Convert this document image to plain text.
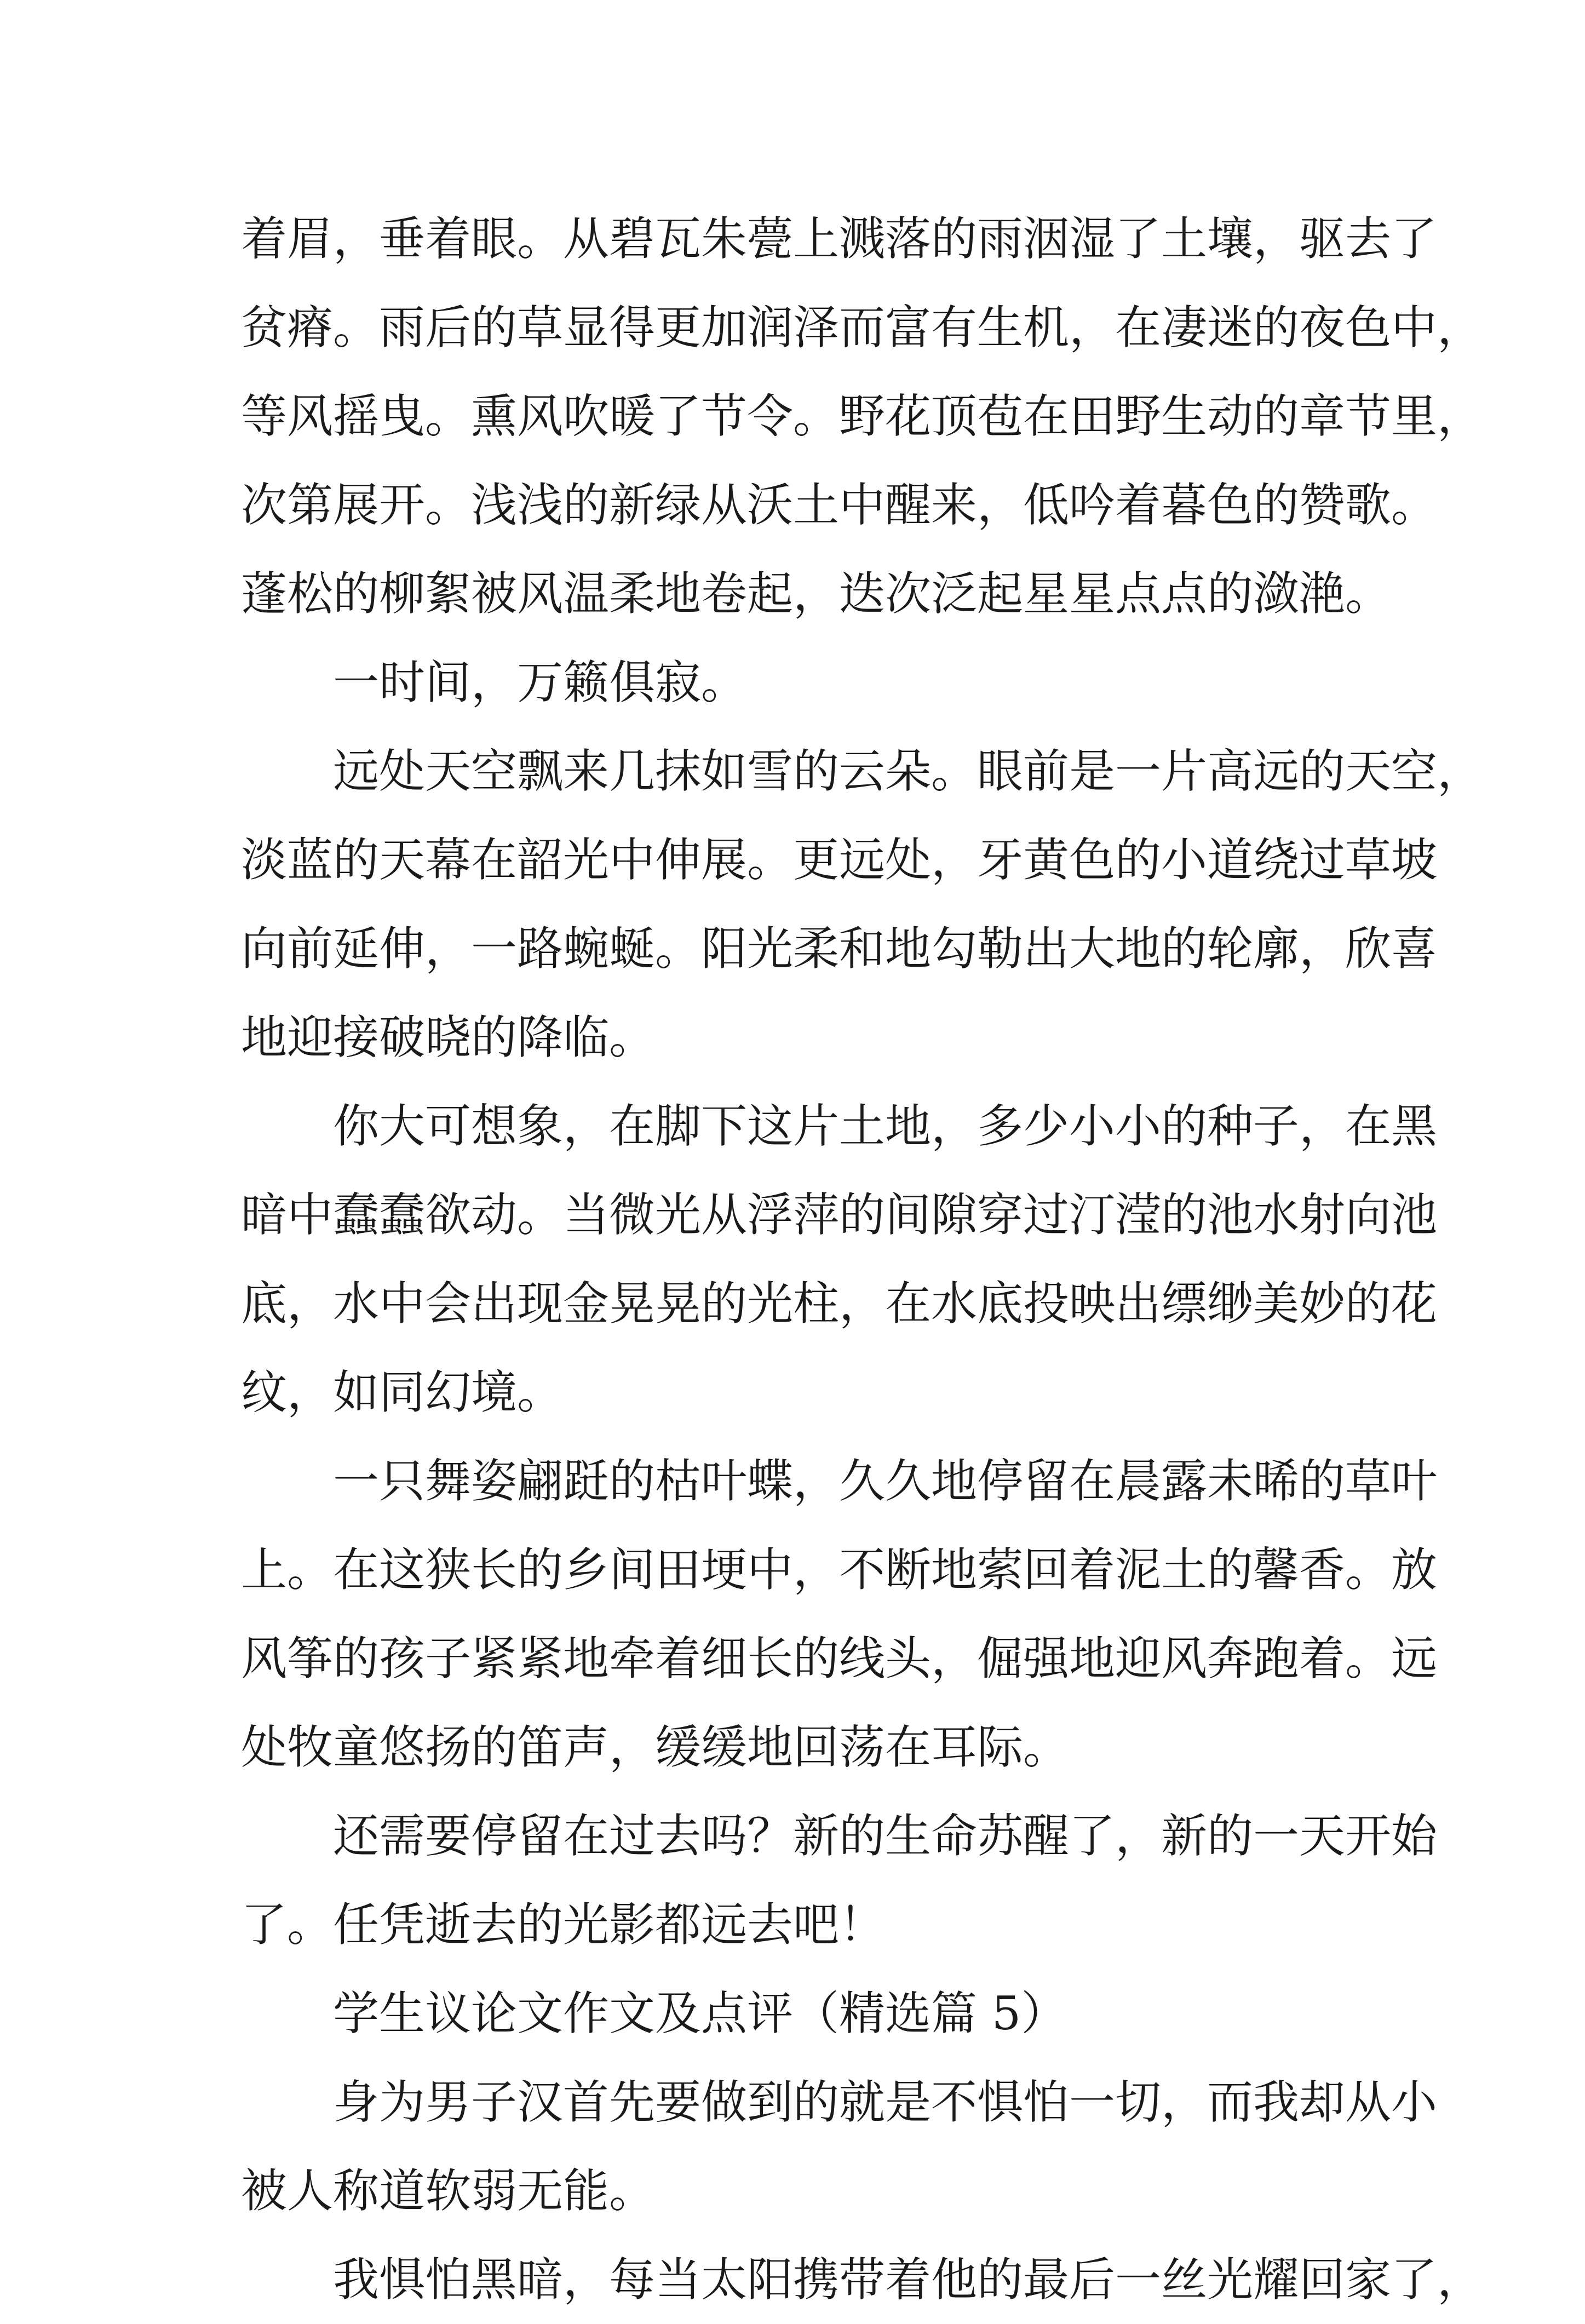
着眉，垂着眼。从碧瓦朱甍上溅落的雨洇湿了土壤，驱去了
贫瘠。雨后的草显得更加润泽而富有生机，在凄迷的夜色中，
等风摇曳。熏风吹暖了节令。野花顶苞在田野生动的章节里，
次第展开。浅浅的新绿从沃土中醒来，低吟着暮色的赞歌。
蓬松的柳絮被风温柔地卷起，迭次泛起星星点点的潋滟。
一时间，万籁俱寂。
远处天空飘来几抹如雪的云朵。眼前是一片高远的天空，
淡蓝的天幕在韶光中伸展。更远处，牙黄色的小道绕过草坡
向前延伸，一路蜿蜒。阳光柔和地勾勒出大地的轮廓，欣喜
地迎接破晓的降临。
你大可想象，在脚下这片土地，多少小小的种子，在黑
暗中蠢蠢欲动。当微光从浮萍的间隙穿过汀滢的池水射向池
底，水中会出现金晃晃的光柱，在水底投映出缥缈美妙的花
纹，如同幻境。
一只舞姿翩跹的枯叶蝶，久久地停留在晨露未晞的草叶
上。在这狭长的乡间田埂中，不断地萦回着泥土的馨香。放
风筝的孩子紧紧地牵着细长的线头，倔强地迎风奔跑着。远
处牧童悠扬的笛声，缓缓地回荡在耳际。
还需要停留在过去吗？新的生命苏醒了，新的一天开始
了。任凭逝去的光影都远去吧！
学生议论文作文及点评（精选篇 5）
身为男子汉首先要做到的就是不惧怕一切，而我却从小
被人称道软弱无能。
我惧怕黑暗，每当太阳携带着他的最后一丝光耀回家了，
